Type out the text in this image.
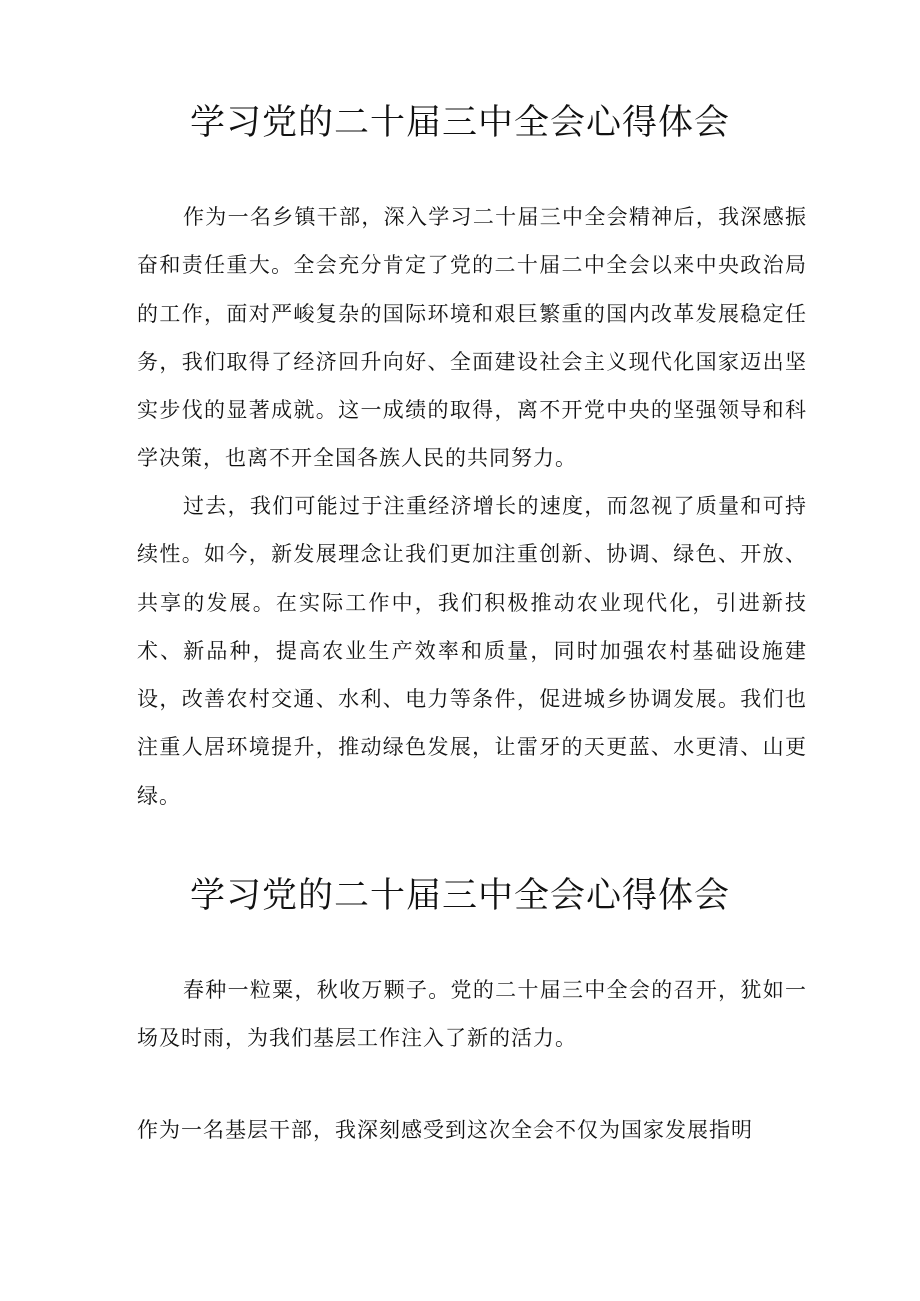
学习党的二十届三中全会心得体会

作为一名乡镇干部，深入学习二十届三中全会精神后，我深感振奋和责任重大。全会充分肯定了党的二十届二中全会以来中央政治局的工作，面对严峻复杂的国际环境和艰巨繁重的国内改革发展稳定任务，我们取得了经济回升向好、全面建设社会主义现代化国家迈出坚实步伐的显著成就。这一成绩的取得，离不开党中央的坚强领导和科学决策，也离不开全国各族人民的共同努力。

过去，我们可能过于注重经济增长的速度，而忽视了质量和可持续性。如今，新发展理念让我们更加注重创新、协调、绿色、开放、共享的发展。在实际工作中，我们积极推动农业现代化，引进新技术、新品种，提高农业生产效率和质量，同时加强农村基础设施建设，改善农村交通、水利、电力等条件，促进城乡协调发展。我们也注重人居环境提升，推动绿色发展，让雷牙的天更蓝、水更清、山更绿。

学习党的二十届三中全会心得体会

春种一粒粟，秋收万颗子。党的二十届三中全会的召开，犹如一场及时雨，为我们基层工作注入了新的活力。

作为一名基层干部，我深刻感受到这次全会不仅为国家发展指明
